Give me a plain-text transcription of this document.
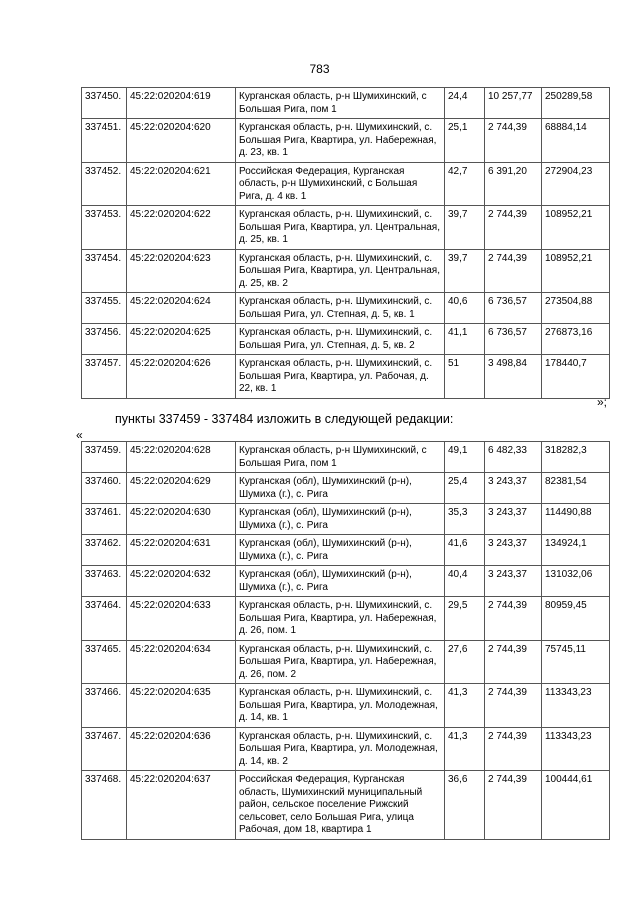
783
337450.	45:22:020204:619	Курганская область, р-н Шумихинский, с Большая Рига, пом 1	24,4	10 257,77	250289,58
337451.	45:22:020204:620	Курганская область, р-н. Шумихинский, с. Большая Рига, Квартира, ул. Набережная, д. 23, кв. 1	25,1	2 744,39	68884,14
337452.	45:22:020204:621	Российская Федерация, Курганская область, р-н Шумихинский, с Большая Рига, д. 4 кв. 1	42,7	6 391,20	272904,23
337453.	45:22:020204:622	Курганская область, р-н. Шумихинский, с. Большая Рига, Квартира, ул. Центральная, д. 25, кв. 1	39,7	2 744,39	108952,21
337454.	45:22:020204:623	Курганская область, р-н. Шумихинский, с. Большая Рига, Квартира, ул. Центральная, д. 25, кв. 2	39,7	2 744,39	108952,21
337455.	45:22:020204:624	Курганская область, р-н. Шумихинский, с. Большая Рига, ул. Степная, д. 5, кв. 1	40,6	6 736,57	273504,88
337456.	45:22:020204:625	Курганская область, р-н. Шумихинский, с. Большая Рига, ул. Степная, д. 5, кв. 2	41,1	6 736,57	276873,16
337457.	45:22:020204:626	Курганская область, р-н. Шумихинский, с. Большая Рига, Квартира, ул. Рабочая, д. 22, кв. 1	51	3 498,84	178440,7
»;
пункты 337459 - 337484 изложить в следующей редакции:
«
337459.	45:22:020204:628	Курганская область, р-н Шумихинский, с Большая Рига, пом 1	49,1	6 482,33	318282,3
337460.	45:22:020204:629	Курганская (обл), Шумихинский (р-н), Шумиха (г.), с. Рига	25,4	3 243,37	82381,54
337461.	45:22:020204:630	Курганская (обл), Шумихинский (р-н), Шумиха (г.), с. Рига	35,3	3 243,37	114490,88
337462.	45:22:020204:631	Курганская (обл), Шумихинский (р-н), Шумиха (г.), с. Рига	41,6	3 243,37	134924,1
337463.	45:22:020204:632	Курганская (обл), Шумихинский (р-н), Шумиха (г.), с. Рига	40,4	3 243,37	131032,06
337464.	45:22:020204:633	Курганская область, р-н. Шумихинский, с. Большая Рига, Квартира, ул. Набережная, д. 26, пом. 1	29,5	2 744,39	80959,45
337465.	45:22:020204:634	Курганская область, р-н. Шумихинский, с. Большая Рига, Квартира, ул. Набережная, д. 26, пом. 2	27,6	2 744,39	75745,11
337466.	45:22:020204:635	Курганская область, р-н. Шумихинский, с. Большая Рига, Квартира, ул. Молодежная, д. 14, кв. 1	41,3	2 744,39	113343,23
337467.	45:22:020204:636	Курганская область, р-н. Шумихинский, с. Большая Рига, Квартира, ул. Молодежная, д. 14, кв. 2	41,3	2 744,39	113343,23
337468.	45:22:020204:637	Российская Федерация, Курганская область, Шумихинский муниципальный район, сельское поселение Рижский сельсовет, село Большая Рига, улица Рабочая, дом 18, квартира 1	36,6	2 744,39	100444,61
